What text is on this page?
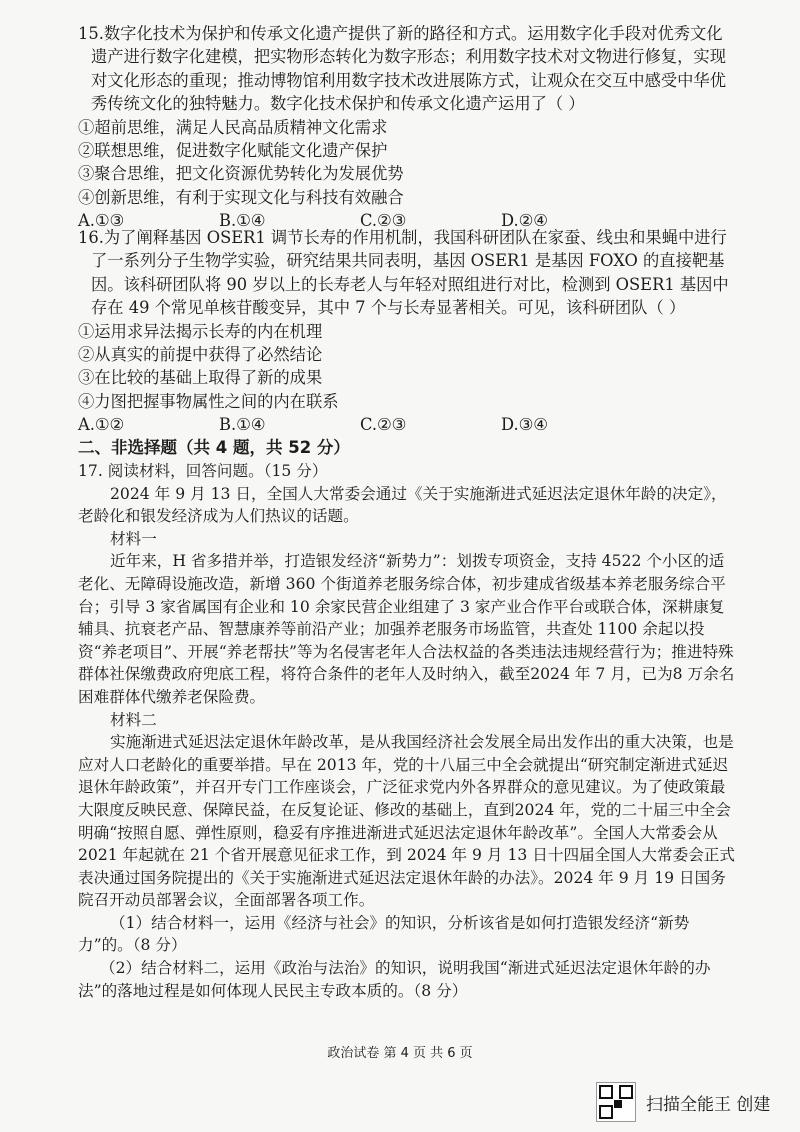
15.数字化技术为保护和传承文化遗产提供了新的路径和方式。运用数字化手段对优秀文化遗产进行数字化建模，把实物形态转化为数字形态；利用数字技术对文物进行修复，实现对文化形态的重现；推动博物馆利用数字技术改进展陈方式，让观众在交互中感受中华优秀传统文化的独特魅力。数字化技术保护和传承文化遗产运用了（ ）

①超前思维，满足人民高品质精神文化需求

②联想思维，促进数字化赋能文化遗产保护

③聚合思维，把文化资源优势转化为发展优势

④创新思维，有利于实现文化与科技有效融合

A.①③	B.①④	C.②③	D.②④

16.为了阐释基因 OSER1 调节长寿的作用机制，我国科研团队在家蚕、线虫和果蝇中进行了一系列分子生物学实验，研究结果共同表明，基因 OSER1 是基因 FOXO 的直接靶基因。该科研团队将 90 岁以上的长寿老人与年轻对照组进行对比，检测到 OSER1 基因中存在 49 个常见单核苷酸变异，其中 7 个与长寿显著相关。可见，该科研团队（ ）

①运用求异法揭示长寿的内在机理

②从真实的前提中获得了必然结论

③在比较的基础上取得了新的成果

④力图把握事物属性之间的内在联系

A.①②	B.①④	C.②③	D.③④
二、非选择题（共 4 题，共 52 分）

17. 阅读材料，回答问题。（15 分）

2024 年 9 月 13 日，全国人大常委会通过《关于实施渐进式延迟法定退休年龄的决定》，老龄化和银发经济成为人们热议的话题。

材料一

近年来，H 省多措并举，打造银发经济“新势力”：划拨专项资金，支持 4522 个小区的适老化、无障碍设施改造，新增 360 个街道养老服务综合体，初步建成省级基本养老服务综合平台；引导 3 家省属国有企业和 10 余家民营企业组建了 3 家产业合作平台或联合体，深耕康复辅具、抗衰老产品、智慧康养等前沿产业；加强养老服务市场监管，共查处 1100 余起以投资“养老项目”、开展“养老帮扶”等为名侵害老年人合法权益的各类违法违规经营行为；推进特殊群体社保缴费政府兜底工程，将符合条件的老年人及时纳入，截至2024 年 7 月，已为8 万余名困难群体代缴养老保险费。

材料二

实施渐进式延迟法定退休年龄改革，是从我国经济社会发展全局出发作出的重大决策，也是应对人口老龄化的重要举措。早在 2013 年，党的十八届三中全会就提出“研究制定渐进式延迟退休年龄政策”，并召开专门工作座谈会，广泛征求党内外各界群众的意见建议。为了使政策最大限度反映民意、保障民益，在反复论证、修改的基础上，直到2024 年，党的二十届三中全会明确“按照自愿、弹性原则，稳妥有序推进渐进式延迟法定退休年龄改革”。全国人大常委会从 2021 年起就在 21 个省开展意见征求工作，到 2024 年 9 月 13 日十四届全国人大常委会正式表决通过国务院提出的《关于实施渐进式延迟法定退休年龄的办法》。2024 年 9 月 19 日国务院召开动员部署会议，全面部署各项工作。

（1）结合材料一，运用《经济与社会》的知识，分析该省是如何打造银发经济“新势力”的。（8 分）

（2）结合材料二，运用《政治与法治》的知识，说明我国“渐进式延迟法定退休年龄的办法”的落地过程是如何体现人民民主专政本质的。（8 分）

政治试卷 第 4 页 共 6 页
扫描全能王 创建
